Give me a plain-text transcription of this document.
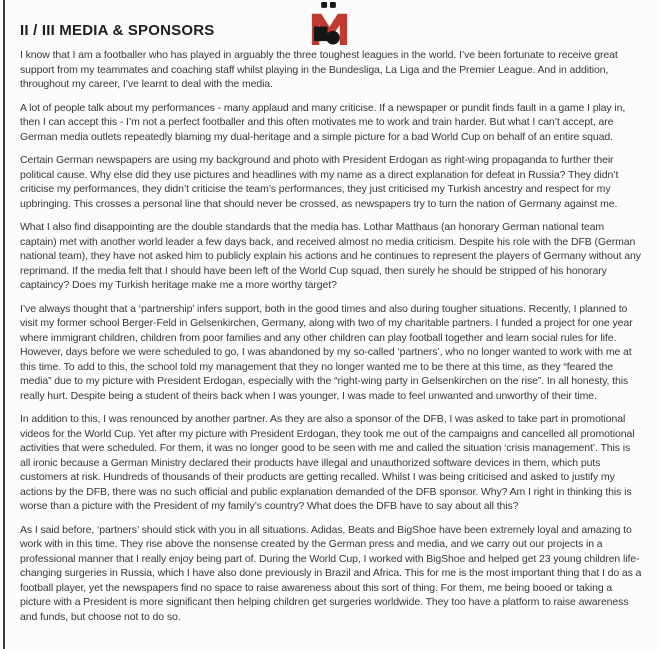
II / III MEDIA & SPONSORS

I know that I am a footballer who has played in arguably the three toughest leagues in the world. I’ve been fortunate to receive great support from my teammates and coaching staff whilst playing in the Bundesliga, La Liga and the Premier League. And in addition, throughout my career, I’ve learnt to deal with the media.

A lot of people talk about my performances - many applaud and many criticise. If a newspaper or pundit finds fault in a game I play in, then I can accept this - I’m not a perfect footballer and this often motivates me to work and train harder. But what I can’t accept, are German media outlets repeatedly blaming my dual-heritage and a simple picture for a bad World Cup on behalf of an entire squad.

Certain German newspapers are using my background and photo with President Erdogan as right-wing propaganda to further their political cause. Why else did they use pictures and headlines with my name as a direct explanation for defeat in Russia? They didn’t criticise my performances, they didn’t criticise the team’s performances, they just criticised my Turkish ancestry and respect for my upbringing. This crosses a personal line that should never be crossed, as newspapers try to turn the nation of Germany against me.

What I also find disappointing are the double standards that the media has. Lothar Matthaus (an honorary German national team captain) met with another world leader a few days back, and received almost no media criticism. Despite his role with the DFB (German national team), they have not asked him to publicly explain his actions and he continues to represent the players of Germany without any reprimand. If the media felt that I should have been left of the World Cup squad, then surely he should be stripped of his honorary captaincy? Does my Turkish heritage make me a more worthy target?

I’ve always thought that a ‘partnership’ infers support, both in the good times and also during tougher situations. Recently, I planned to visit my former school Berger-Feld in Gelsenkirchen, Germany, along with two of my charitable partners. I funded a project for one year where immigrant children, children from poor families and any other children can play football together and learn social rules for life. However, days before we were scheduled to go, I was abandoned by my so-called ‘partners’, who no longer wanted to work with me at this time. To add to this, the school told my management that they no longer wanted me to be there at this time, as they “feared the media” due to my picture with President Erdogan, especially with the “right-wing party in Gelsenkirchen on the rise”. In all honesty, this really hurt. Despite being a student of theirs back when I was younger, I was made to feel unwanted and unworthy of their time.

In addition to this, I was renounced by another partner. As they are also a sponsor of the DFB, I was asked to take part in promotional videos for the World Cup. Yet after my picture with President Erdogan, they took me out of the campaigns and cancelled all promotional activities that were scheduled. For them, it was no longer good to be seen with me and called the situation ‘crisis management’. This is all ironic because a German Ministry declared their products have illegal and unauthorized software devices in them, which puts customers at risk. Hundreds of thousands of their products are getting recalled. Whilst I was being criticised and asked to justify my actions by the DFB, there was no such official and public explanation demanded of the DFB sponsor. Why? Am I right in thinking this is worse than a picture with the President of my family’s country? What does the DFB have to say about all this?

As I said before, ‘partners’ should stick with you in all situations. Adidas, Beats and BigShoe have been extremely loyal and amazing to work with in this time. They rise above the nonsense created by the German press and media, and we carry out our projects in a professional manner that I really enjoy being part of. During the World Cup, I worked with BigShoe and helped get 23 young children life-changing surgeries in Russia, which I have also done previously in Brazil and Africa. This for me is the most important thing that I do as a football player, yet the newspapers find no space to raise awareness about this sort of thing. For them, me being booed or taking a picture with a President is more significant then helping children get surgeries worldwide. They too have a platform to raise awareness and funds, but choose not to do so.
